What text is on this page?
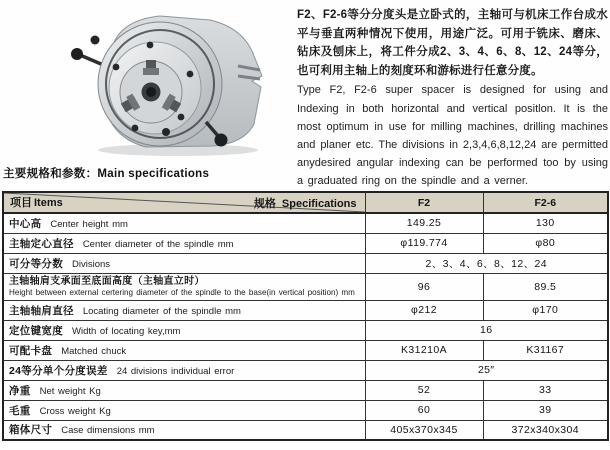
F2、F2-6等分分度头是立卧式的，主轴可与机床工作台成水平与垂直两种情况下使用，用途广泛。可用于铣床、磨床、钻床及刨床上，将工件分成2、3、4、6、8、12、24等分，也可利用主轴上的刻度环和游标进行任意分度。
Type F2, F2-6 super spacer is designed for using and Indexing in both horizontal and vertical positlon. It is the most optimum in use for milling machines, drilling machines and planer etc. The divisions in 2,3,4,6,8,12,24 are permitted anydesired angular indexing can be performed too by using a graduated ring on the spindle and a verner.
主要规格和参数：Main specifications
项目 Items 规格 Specifications	F2	F2-6
中心高 Center height mm	149.25	130
主轴定心直径 Center diameter of the spindle mm	φ119.774	φ80
可分等分数 Divisions	2、3、4、6、8、12、24	

主轴轴肩支承面至底面高度（主轴直立时）
Height between external certering diameter of the spindle to the base(in vertical position) mm	96	89.5
主轴轴肩直径 Locating diameter of the spindle mm	φ212	φ170
定位键宽度 Width of locating key,mm	16	
可配卡盘 Matched chuck	K31210A	K31167
24等分单个分度误差 24 divisions individual error	25″	
净重 Net weight Kg	52	33
毛重 Cross weight Kg	60	39
箱体尺寸 Case dimensions mm	405x370x345	372x340x304
